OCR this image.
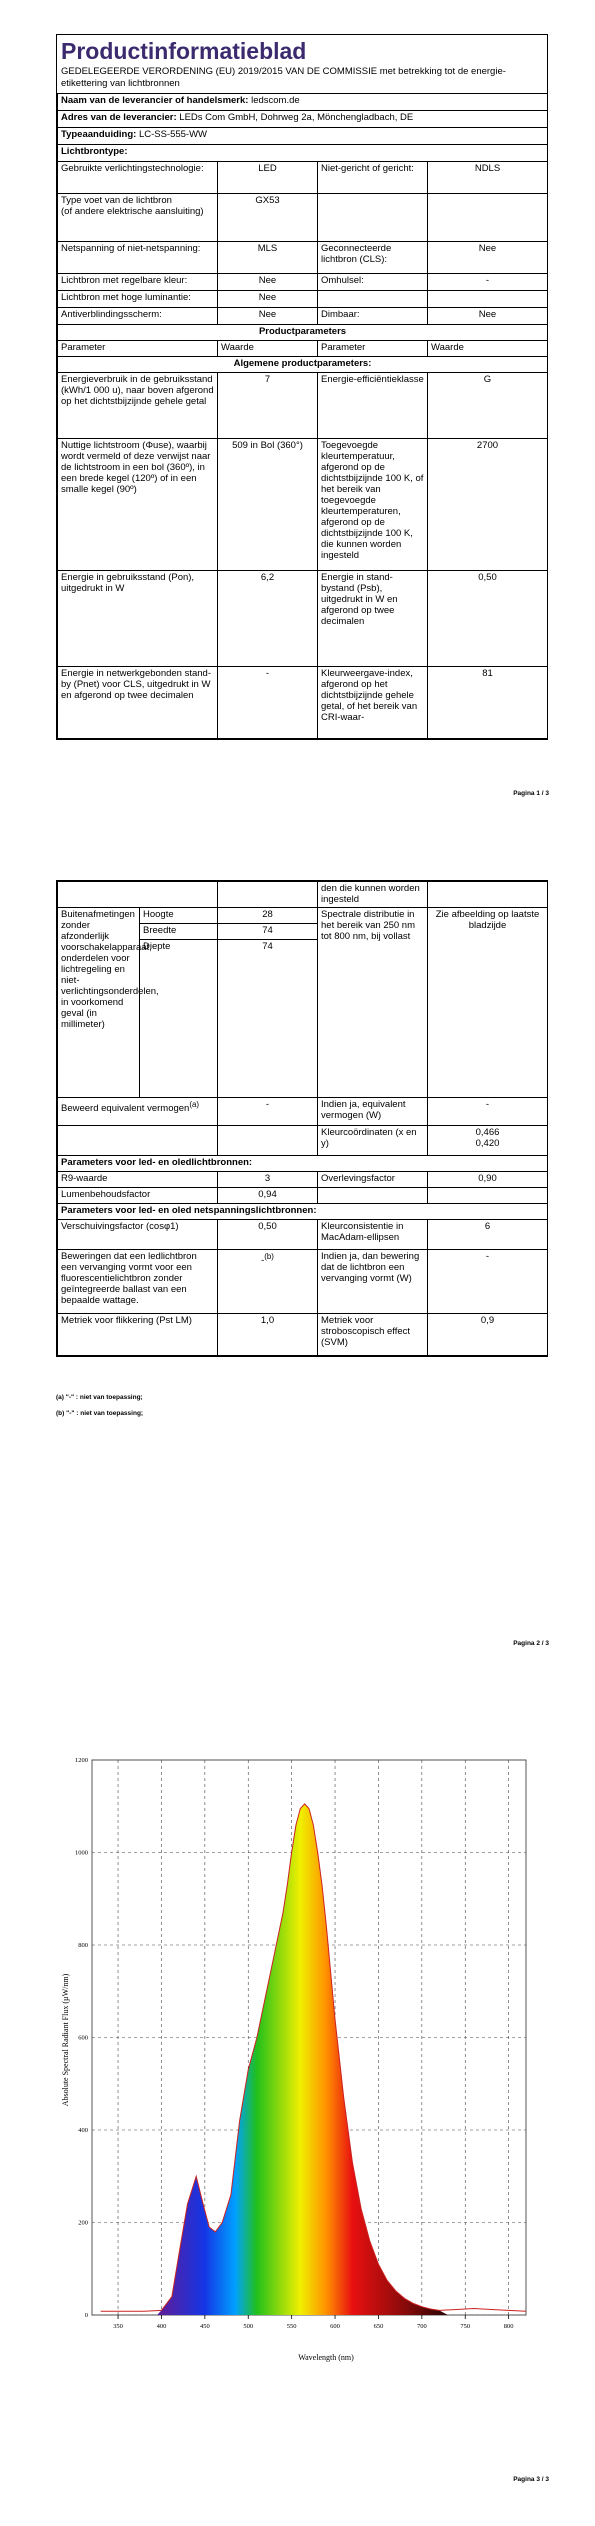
Productinformatieblad
GEDELEGEERDE VERORDENING (EU) 2019/2015 VAN DE COMMISSIE met betrekking tot de energie-etikettering van lichtbronnen
Naam van de leverancier of handelsmerk: ledscom.de			
Adres van de leverancier: LEDs Com GmbH, Dohrweg 2a, Mönchengladbach, DE			
Typeaanduiding: LC-SS-555-WW			
Lichtbrontype:			
Gebruikte verlichtingstechnologie:	LED	Niet-gericht of gericht:	NDLS
Type voet van de lichtbron
(of andere elektrische aansluiting)	GX53		
Netspanning of niet-netspanning:	MLS	Geconnecteerde lichtbron (CLS):	Nee
Lichtbron met regelbare kleur:	Nee	Omhulsel:	-
Lichtbron met hoge luminantie:	Nee		
Antiverblindingsscherm:	Nee	Dimbaar:	Nee
Productparameters			
Parameter	Waarde	Parameter	Waarde
Algemene productparameters:			
Energieverbruik in de gebruiksstand (kWh/1 000 u), naar boven afgerond op het dichtstbijzijnde gehele getal	7	Energie-efficiëntieklasse	G
Nuttige lichtstroom (Φuse), waarbij wordt vermeld of deze verwijst naar de lichtstroom in een bol (360º), in een brede kegel (120º) of in een smalle kegel (90º)	509 in Bol (360°)	Toegevoegde kleurtemperatuur, afgerond op de dichtstbijzijnde 100 K, of het bereik van toegevoegde kleurtemperaturen, afgerond op de dichtstbijzijnde 100 K, die kunnen worden ingesteld	2700
Energie in gebruiksstand (Pon), uitgedrukt in W	6,2	Energie in stand-bystand (Psb), uitgedrukt in W en afgerond op twee decimalen	0,50
Energie in netwerkgebonden stand-by (Pnet) voor CLS, uitgedrukt in W en afgerond op twee decimalen	-	Kleurweergave-index, afgerond op het dichtstbijzijnde gehele getal, of het bereik van CRI-waar-	81
Pagina 1 / 3
			den die kunnen worden ingesteld	
Buitenafmetingen zonder afzonderlijk voorschakelapparaat, onderdelen voor lichtregeling en niet-verlichtingsonderdelen, in voorkomend geval (in millimeter)	Hoogte	28	Spectrale distributie in het bereik van 250 nm tot 800 nm, bij vollast	Zie afbeelding op laatste bladzijde
	Breedte	74		
	Diepte	74		
Beweerd equivalent vermogen$^{(a)}$		-	Indien ja, equivalent vermogen (W)	-
			Kleurcoördinaten (x en y)	0,466
0,420
Parameters voor led- en oledlichtbronnen:				
R9-waarde		3	Overlevingsfactor	0,90
Lumenbehoudsfactor		0,94		
Parameters voor led- en oled netspanningslichtbronnen:				
Verschuivingsfactor (cosφ1)		0,50	Kleurconsistentie in MacAdam-ellipsen	6
Beweringen dat een ledlichtbron een vervanging vormt voor een fluorescentielichtbron zonder geïntegreerde ballast van een bepaalde wattage.		-$^{(b)}$	Indien ja, dan bewering dat de lichtbron een vervanging vormt (W)	-
Metriek voor flikkering (Pst LM)		1,0	Metriek voor stroboscopisch effect (SVM)	0,9
(a) "-" : niet van toepassing;
(b) "-" : niet van toepassing;
Pagina 2 / 3
350	400	450	500	550	600	650	700	750	800
0
200
400
600
800
1000
1200
Wavelength (nm)
Absolute Spectral Radiant Flux (µW/nm)
Pagina 3 / 3
